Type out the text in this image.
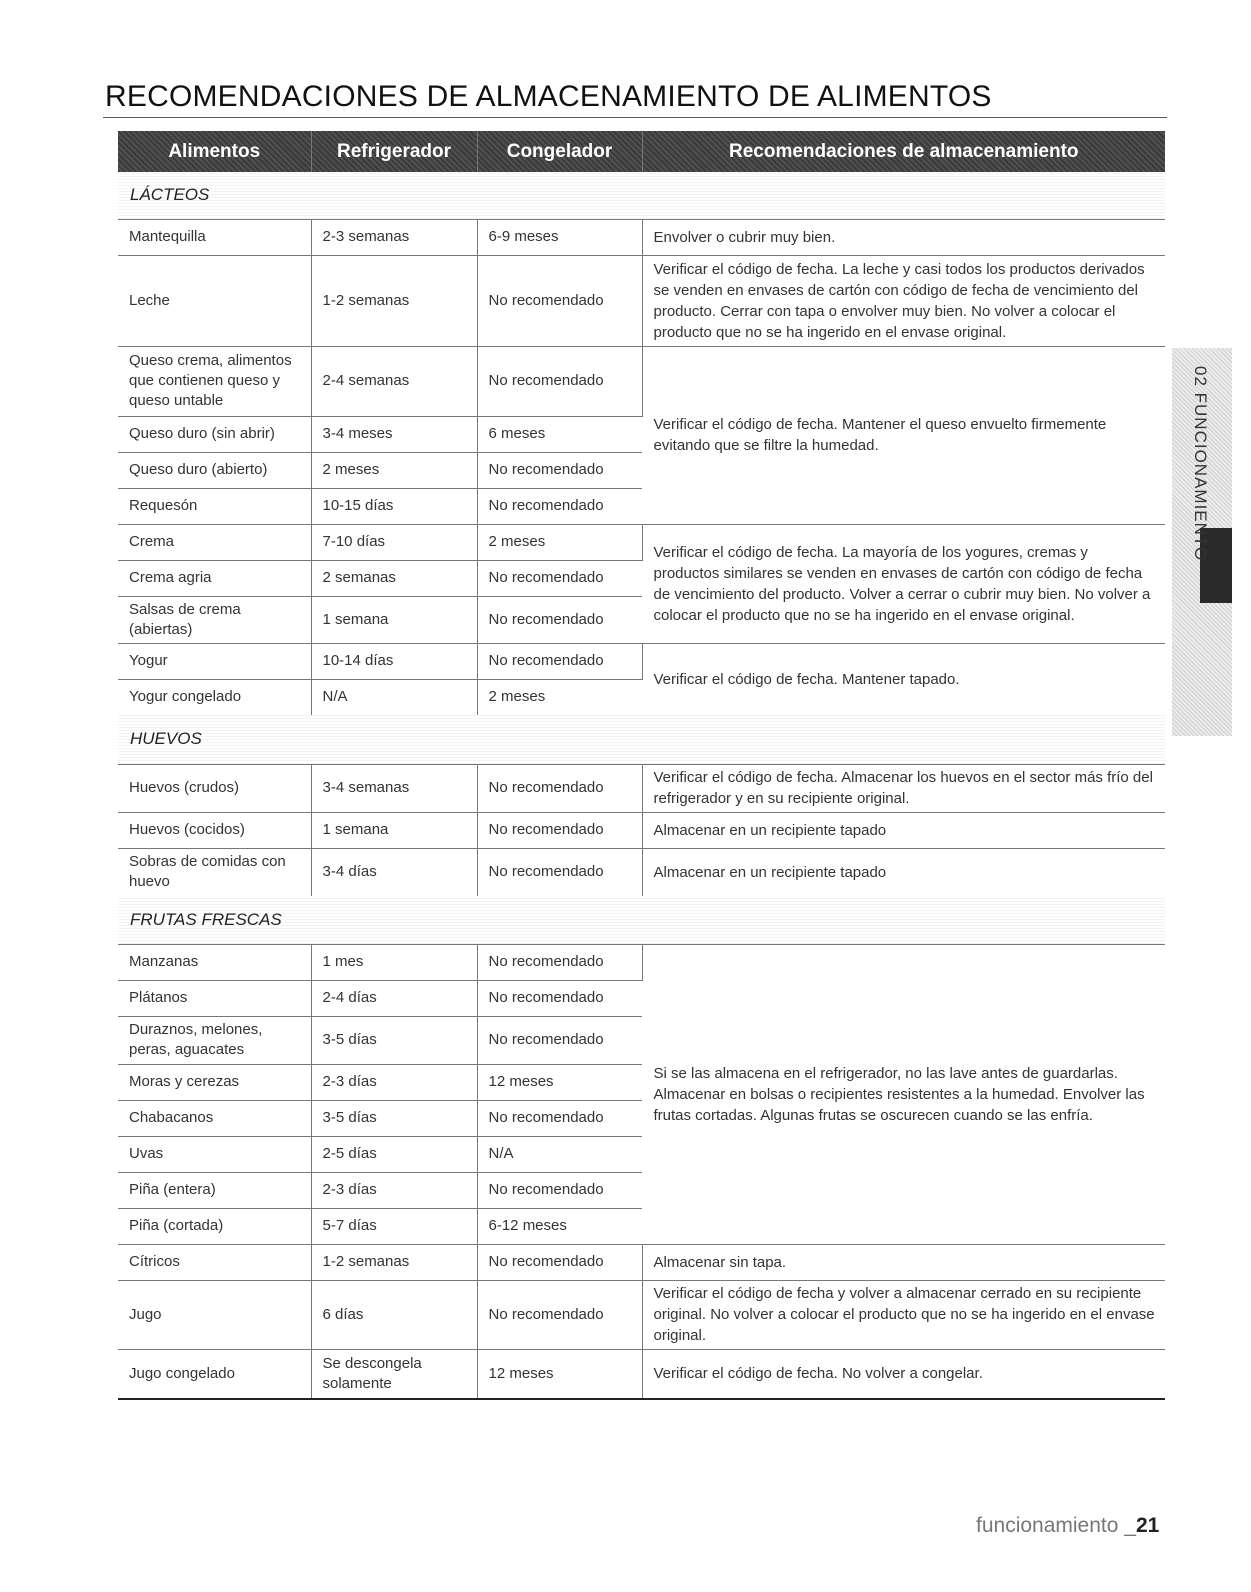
RECOMENDACIONES DE ALMACENAMIENTO DE ALIMENTOS
02 FUNCIONAMIENTO
Alimentos	Refrigerador	Congelador	Recomendaciones de almacenamiento
LÁCTEOS			
Mantequilla	2-3 semanas	6-9 meses	Envolver o cubrir muy bien.
Leche	1-2 semanas	No recomendado	Verificar el código de fecha. La leche y casi todos los productos derivados se venden en envases de cartón con código de fecha de vencimiento del producto. Cerrar con tapa o envolver muy bien. No volver a colocar el producto que no se ha ingerido en el envase original.
Queso crema, alimentos que contienen queso y queso untable	2-4 semanas	No recomendado	Verificar el código de fecha. Mantener el queso envuelto firmemente evitando que se filtre la humedad.
Queso duro (sin abrir)	3-4 meses	6 meses	
Queso duro (abierto)	2 meses	No recomendado	
Requesón	10-15 días	No recomendado	
Crema	7-10 días	2 meses	Verificar el código de fecha. La mayoría de los yogures, cremas y productos similares se venden en envases de cartón con código de fecha de vencimiento del producto. Volver a cerrar o cubrir muy bien. No volver a colocar el producto que no se ha ingerido en el envase original.
Crema agria	2 semanas	No recomendado	
Salsas de crema (abiertas)	1 semana	No recomendado	
Yogur	10-14 días	No recomendado	Verificar el código de fecha. Mantener tapado.
Yogur congelado	N/A	2 meses	
HUEVOS			
Huevos (crudos)	3-4 semanas	No recomendado	Verificar el código de fecha. Almacenar los huevos en el sector más frío del refrigerador y en su recipiente original.
Huevos (cocidos)	1 semana	No recomendado	Almacenar en un recipiente tapado
Sobras de comidas con huevo	3-4 días	No recomendado	Almacenar en un recipiente tapado
FRUTAS FRESCAS			
Manzanas	1 mes	No recomendado	Si se las almacena en el refrigerador, no las lave antes de guardarlas. Almacenar en bolsas o recipientes resistentes a la humedad. Envolver las frutas cortadas. Algunas frutas se oscurecen cuando se las enfría.
Plátanos	2-4 días	No recomendado	
Duraznos, melones, peras, aguacates	3-5 días	No recomendado	
Moras y cerezas	2-3 días	12 meses	
Chabacanos	3-5 días	No recomendado	
Uvas	2-5 días	N/A	
Piña (entera)	2-3 días	No recomendado	
Piña (cortada)	5-7 días	6-12 meses	
Cítricos	1-2 semanas	No recomendado	Almacenar sin tapa.
Jugo	6 días	No recomendado	Verificar el código de fecha y volver a almacenar cerrado en su recipiente original. No volver a colocar el producto que no se ha ingerido en el envase original.
Jugo congelado	Se descongela solamente	12 meses	Verificar el código de fecha. No volver a congelar.
funcionamiento _21
